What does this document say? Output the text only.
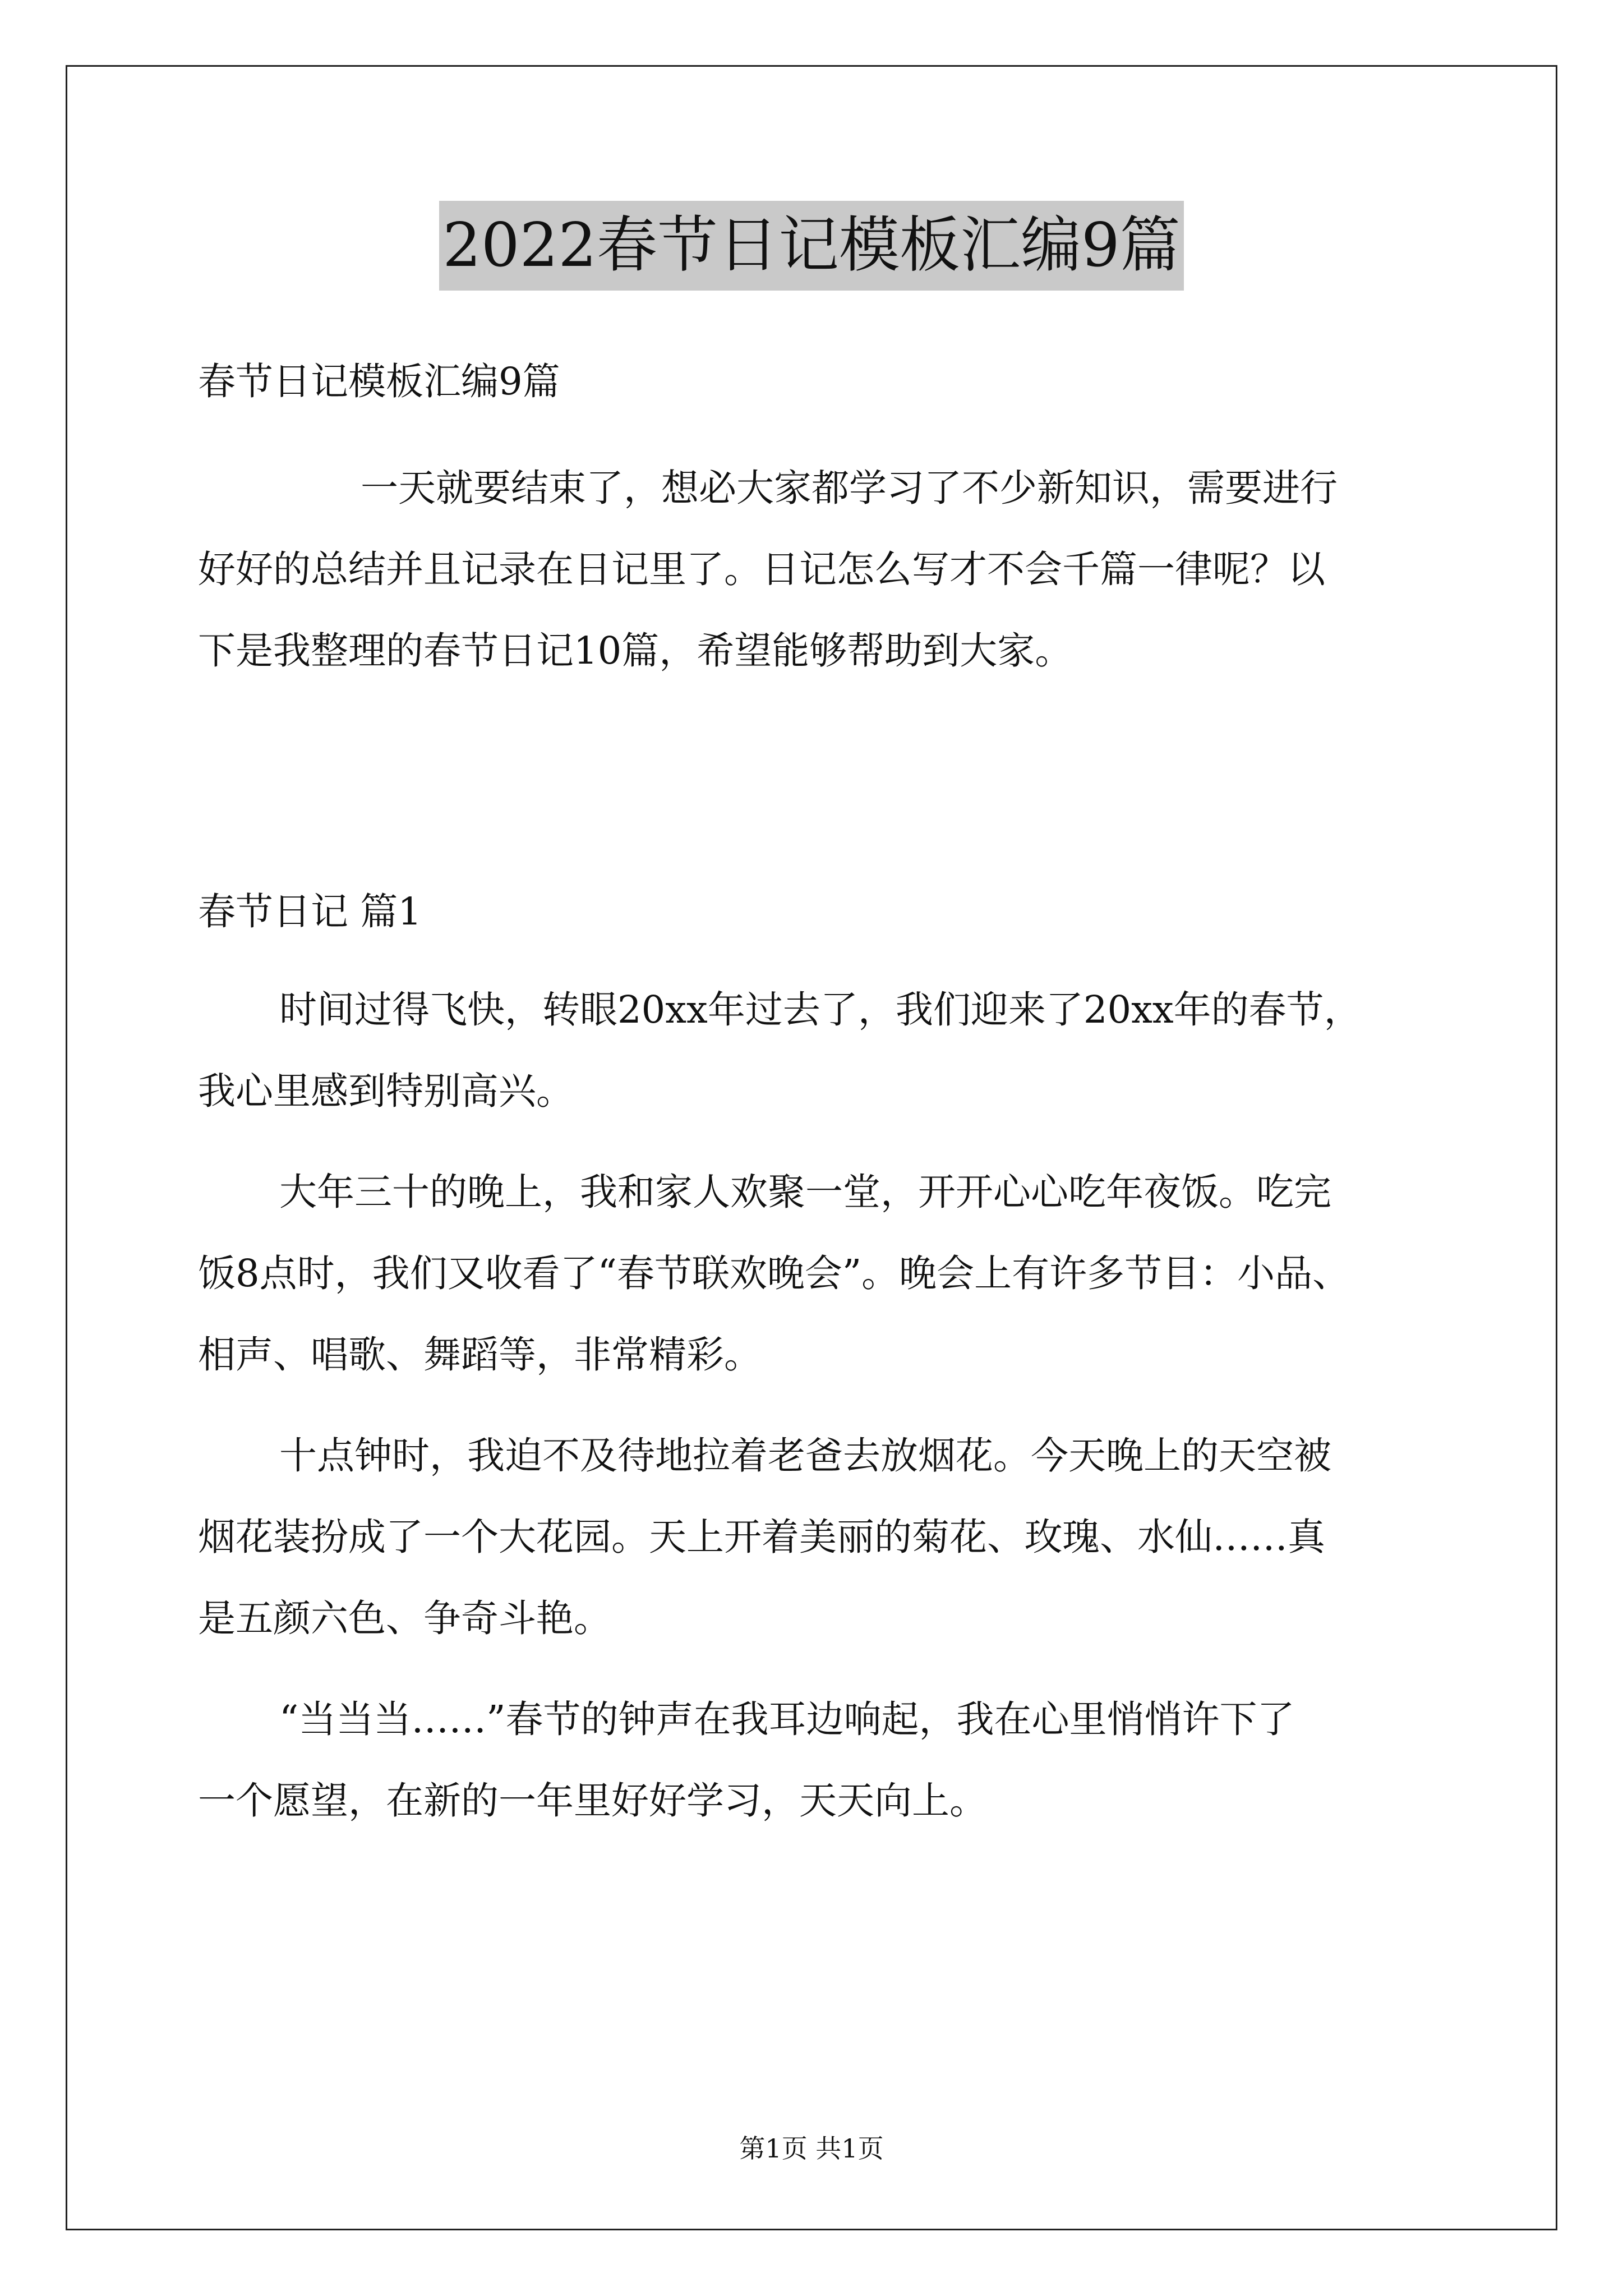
2022春节日记模板汇编9篇
春节日记模板汇编9篇
一天就要结束了，想必大家都学习了不少新知识，需要进行
好好的总结并且记录在日记里了。日记怎么写才不会千篇一律呢？以
下是我整理的春节日记10篇，希望能够帮助到大家。
春节日记 篇1
时间过得飞快，转眼20xx年过去了，我们迎来了20xx年的春节，
我心里感到特别高兴。
大年三十的晚上，我和家人欢聚一堂，开开心心吃年夜饭。吃完
饭8点时，我们又收看了“春节联欢晚会”。晚会上有许多节目：小品、
相声、唱歌、舞蹈等，非常精彩。
十点钟时，我迫不及待地拉着老爸去放烟花。今天晚上的天空被
烟花装扮成了一个大花园。天上开着美丽的菊花、玫瑰、水仙……真
是五颜六色、争奇斗艳。
“当当当……”春节的钟声在我耳边响起，我在心里悄悄许下了
一个愿望，在新的一年里好好学习，天天向上。
第1页 共1页
